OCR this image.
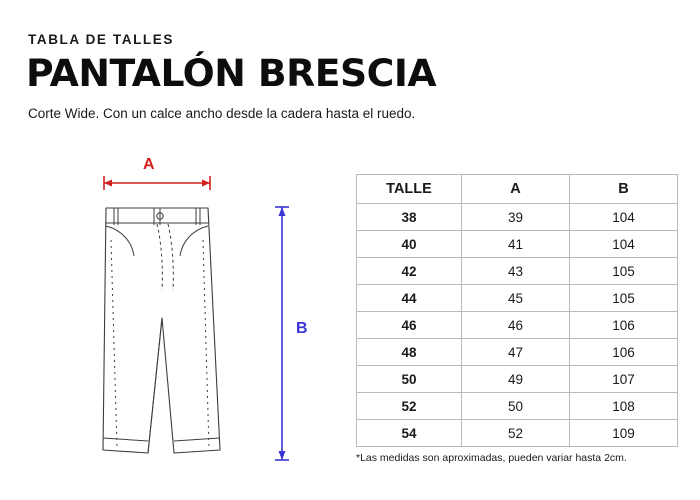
TABLA DE TALLES
PANTALÓN BRESCIA
Corte Wide. Con un calce ancho desde la cadera hasta el ruedo.
A
B
TALLE	A	B
38	39	104
40	41	104
42	43	105
44	45	105
46	46	106
48	47	106
50	49	107
52	50	108
54	52	109
*Las medidas son aproximadas, pueden variar hasta 2cm.
